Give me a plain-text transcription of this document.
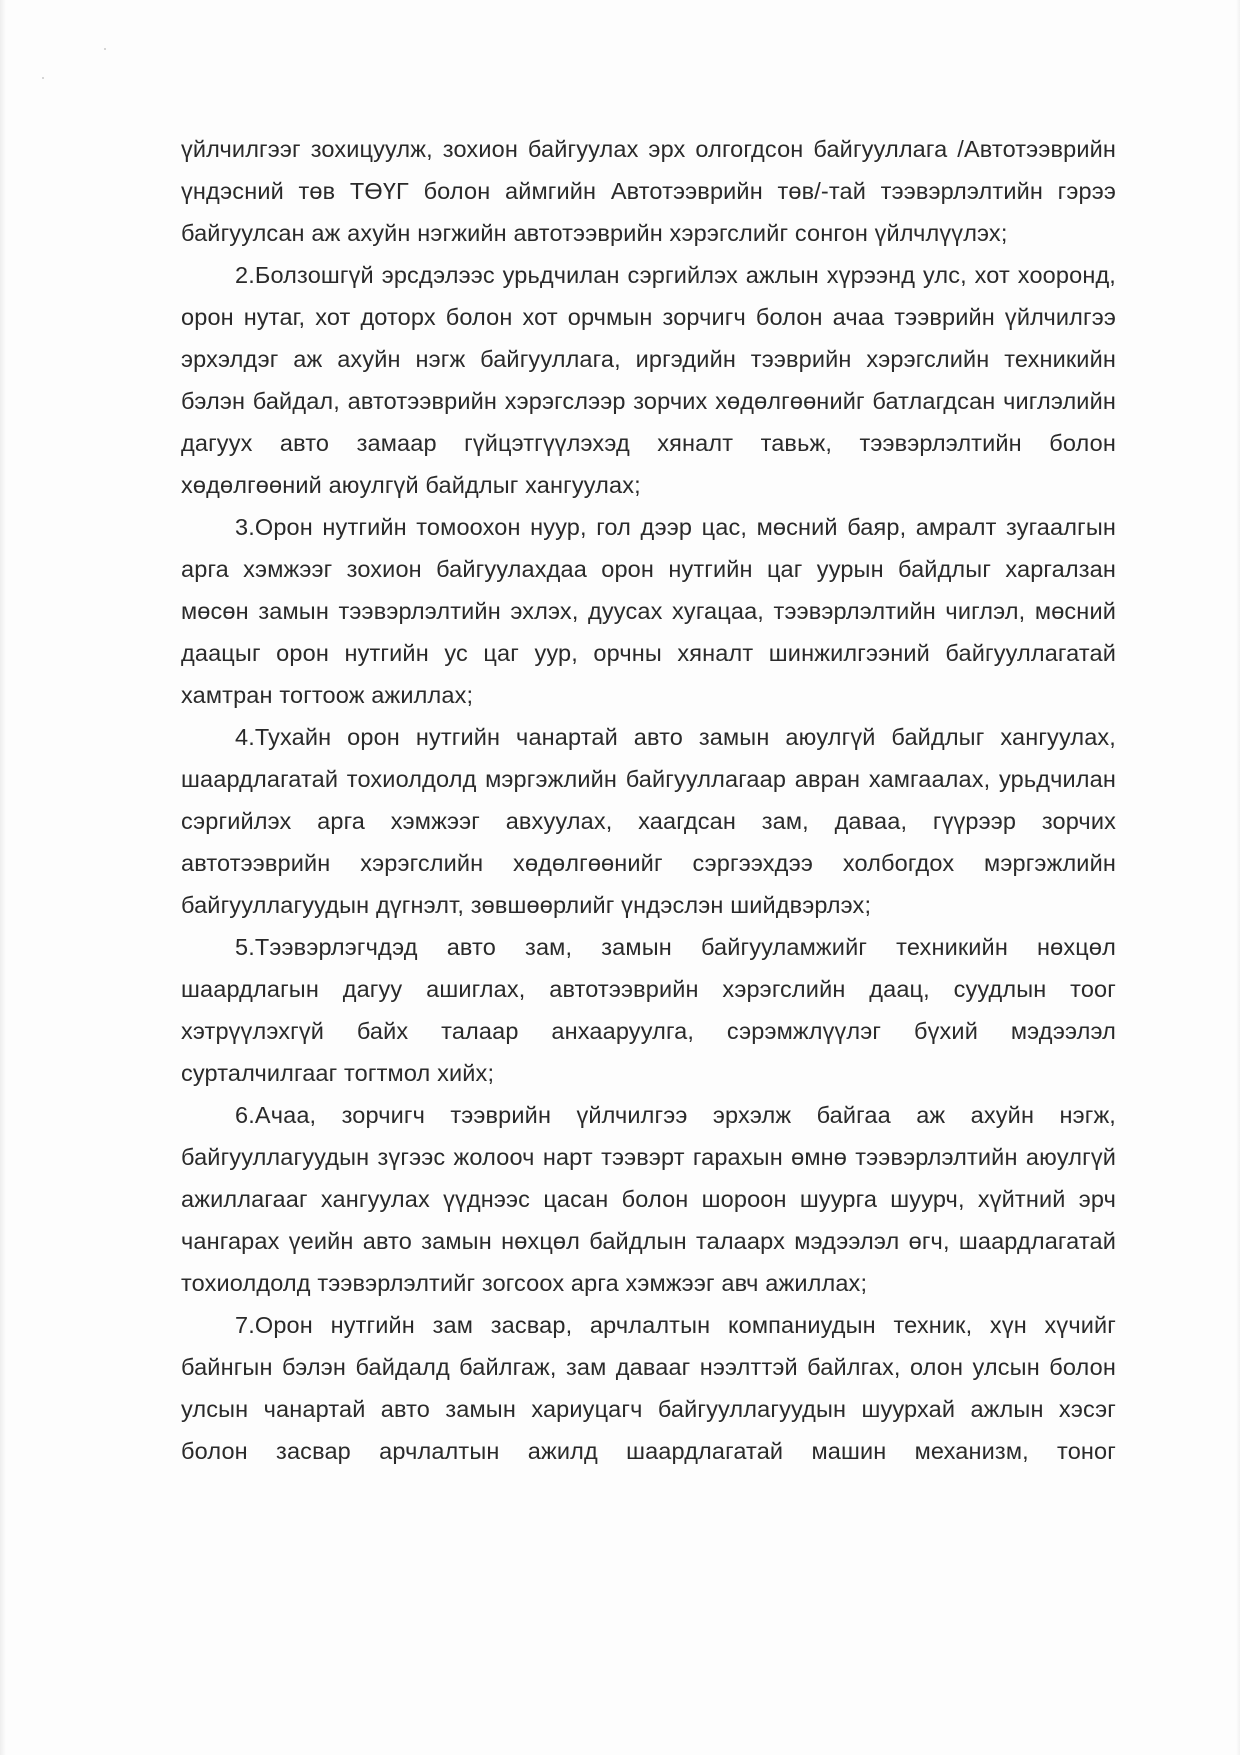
үйлчилгээг зохицуулж, зохион байгуулах эрх олгогдсон байгууллага /Автотээврийн үндэсний төв ТӨҮГ болон аймгийн Автотээврийн төв/-тай тээвэрлэлтийн гэрээ байгуулсан аж ахуйн нэгжийн автотээврийн хэрэгслийг сонгон үйлчлүүлэх;

2.Болзошгүй эрсдэлээс урьдчилан сэргийлэх ажлын хүрээнд улс, хот хооронд, орон нутаг, хот доторх болон хот орчмын зорчигч болон ачаа тээврийн үйлчилгээ эрхэлдэг аж ахуйн нэгж байгууллага, иргэдийн тээврийн хэрэгслийн техникийн бэлэн байдал, автотээврийн хэрэгслээр зорчих хөдөлгөөнийг батлагдсан чиглэлийн дагуух авто замаар гүйцэтгүүлэхэд хяналт тавьж, тээвэрлэлтийн болон хөдөлгөөний аюулгүй байдлыг хангуулах;

3.Орон нутгийн томоохон нуур, гол дээр цас, мөсний баяр, амралт зугаалгын арга хэмжээг зохион байгуулахдаа орон нутгийн цаг уурын байдлыг харгалзан мөсөн замын тээвэрлэлтийн эхлэх, дуусах хугацаа, тээвэрлэлтийн чиглэл, мөсний даацыг орон нутгийн ус цаг уур, орчны хяналт шинжилгээний байгууллагатай хамтран тогтоож ажиллах;

4.Тухайн орон нутгийн чанартай авто замын аюулгүй байдлыг хангуулах, шаардлагатай тохиолдолд мэргэжлийн байгууллагаар авран хамгаалах, урьдчилан сэргийлэх арга хэмжээг авхуулах, хаагдсан зам, даваа, гүүрээр зорчих автотээврийн хэрэгслийн хөдөлгөөнийг сэргээхдээ холбогдох мэргэжлийн байгууллагуудын дүгнэлт, зөвшөөрлийг үндэслэн шийдвэрлэх;

5.Тээвэрлэгчдэд авто зам, замын байгууламжийг техникийн нөхцөл шаардлагын дагуу ашиглах, автотээврийн хэрэгслийн даац, суудлын тоог хэтрүүлэхгүй байх талаар анхааруулга, сэрэмжлүүлэг бүхий мэдээлэл сурталчилгааг тогтмол хийх;

6.Ачаа, зорчигч тээврийн үйлчилгээ эрхэлж байгаа аж ахуйн нэгж, байгууллагуудын зүгээс жолооч нарт тээвэрт гарахын өмнө тээвэрлэлтийн аюулгүй ажиллагааг хангуулах үүднээс цасан болон шороон шуурга шуурч, хүйтний эрч чангарах үеийн авто замын нөхцөл байдлын талаарх мэдээлэл өгч, шаардлагатай тохиолдолд тээвэрлэлтийг зогсоох арга хэмжээг авч ажиллах;

7.Орон нутгийн зам засвар, арчлалтын компаниудын техник, хүн хүчийг байнгын бэлэн байдалд байлгаж, зам давааг нээлттэй байлгах, олон улсын болон улсын чанартай авто замын хариуцагч байгууллагуудын шуурхай ажлын хэсэг болон засвар арчлалтын ажилд шаардлагатай машин механизм, тоног
